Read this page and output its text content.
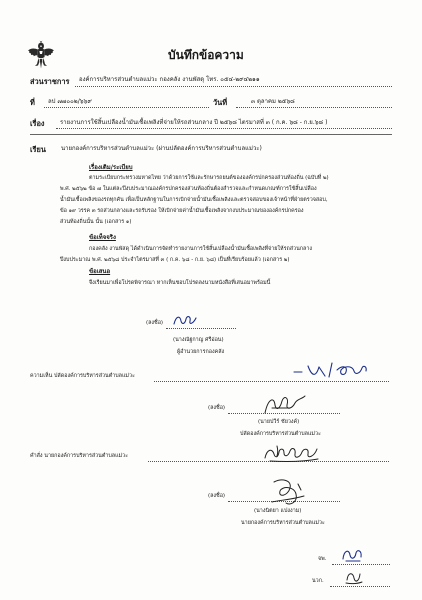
บันทึกข้อความ
ส่วนราชการ องค์การบริหารส่วนตำบลแม่วะ กองคลัง งานพัสดุ โทร. ๐๕๔-๒๙๔๒๑๑
ที่ ลป ๗๗๐๐๒/๖๖๙	วันที่	๓ ตุลาคม ๒๕๖๘
เรื่อง	รายงานการใช้สิ้นเปลืองน้ำมันเชื้อเพลิงที่จ่ายให้รถส่วนกลาง ปี ๒๕๖๘ ไตรมาสที่ ๓ ( ก.ค. ๖๘ - ก.ย.๖๘ )
เรียน	นายกองค์การบริหารส่วนตำบลแม่วะ (ผ่านปลัดองค์การบริหารส่วนตำบลแม่วะ)
เรื่องเดิม/ระเบียบ
ตามระเบียบกระทรวงมหาดไทย ว่าด้วยการใช้และรักษารถยนต์ขององค์กรปกครองส่วนท้องถิ่น (ฉบับที่ ๒)
พ.ศ. ๒๕๖๒ ข้อ ๗ ในแต่ละปีงบประมาณองค์กรปกครองส่วนท้องถิ่นต้องสำรวจและกำหนดเกณฑ์การใช้สิ้นเปลือง
น้ำมันเชื้อเพลิงของรถทุกคัน เพื่อเป็นหลักฐานในการเบิกจ่ายน้ำมันเชื้อเพลิงและตรวจสอบของเจ้าหน้าที่ฝ่ายตรวจสอบ,
ข้อ ๑๙ วรรค ๓ รถส่วนกลางและรถรับรอง ให้เบิกจ่ายค่าน้ำมันเชื้อเพลิงจากงบประมาณขององค์กรปกครอง
ส่วนท้องถิ่นนั้น นั้น (เอกสาร ๑)
ข้อเท็จจริง
กองคลัง งานพัสดุ ได้ดำเนินการจัดทำรายงานการใช้สิ้นเปลืองน้ำมันเชื้อเพลิงที่จ่ายให้รถส่วนกลาง
ปีงบประมาณ พ.ศ. ๒๕๖๘ ประจำไตรมาสที่ ๓ ( ก.ค. ๖๘ - ก.ย. ๖๘) เป็นที่เรียบร้อยแล้ว (เอกสาร ๒)
ข้อเสนอ
จึงเรียนมาเพื่อโปรดพิจารณา หากเห็นชอบโปรดลงนามหนังสือที่เสนอมาพร้อมนี้
(ลงชื่อ)
(นางณัฐกาญ ศรีอ่อน)
ผู้อำนวยการกองคลัง
ความเห็น ปลัดองค์การบริหารส่วนตำบลแม่วะ
(ลงชื่อ)
(นายปวีร์ ชัยวงค์)
ปลัดองค์การบริหารส่วนตำบลแม่วะ
คำสั่ง นายกองค์การบริหารส่วนตำบลแม่วะ
(ลงชื่อ)
(นางนิตยา แปงงาม)
นายกองค์การบริหารส่วนตำบลแม่วะ
จพ.
นวก.
